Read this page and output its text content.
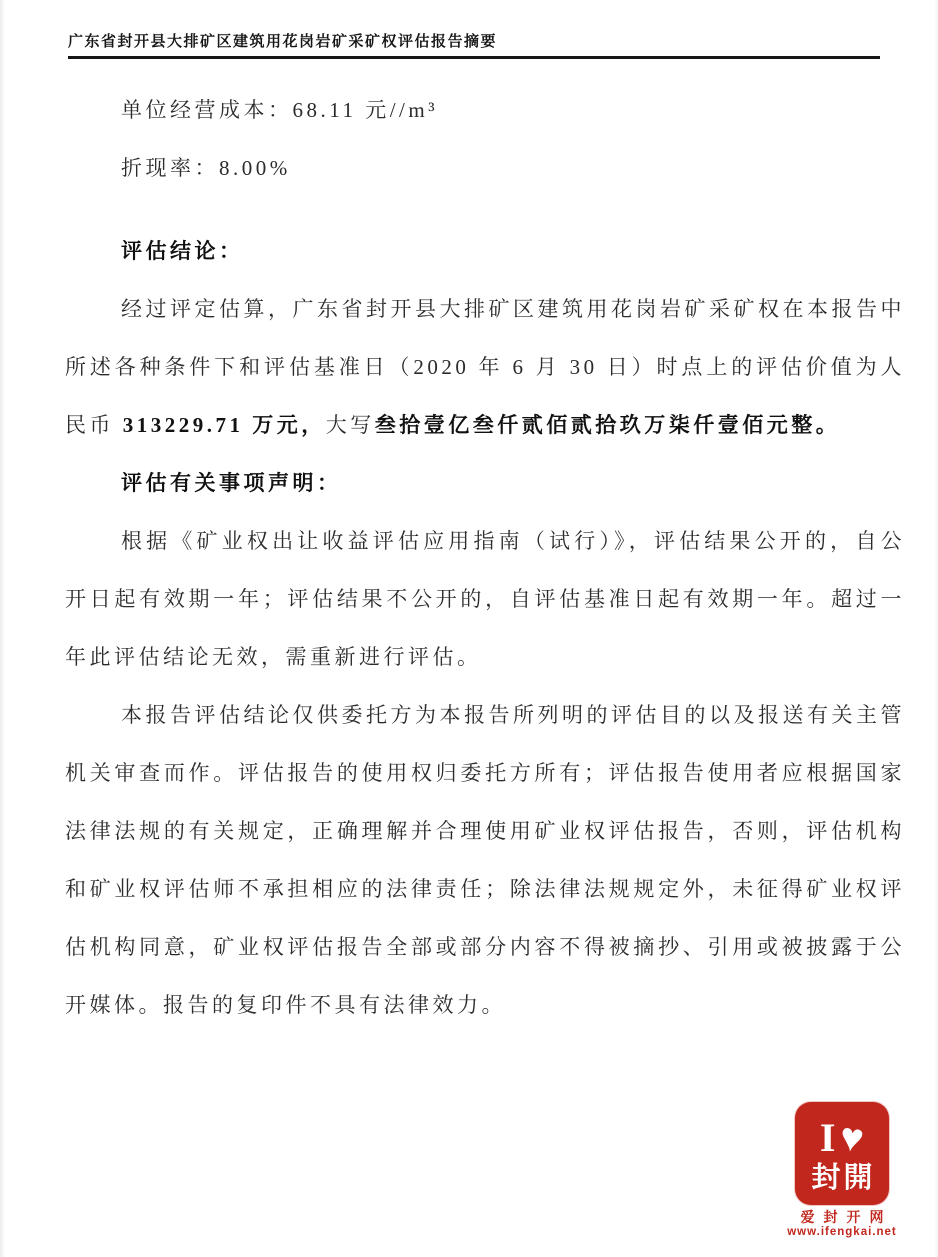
广东省封开县大排矿区建筑用花岗岩矿采矿权评估报告摘要

单位经营成本：68.11 元//m³

折现率：8.00%

评估结论：

经过评定估算，广东省封开县大排矿区建筑用花岗岩矿采矿权在本报告中所述各种条件下和评估基准日（2020 年 6 月 30 日）时点上的评估价值为人民币 313229.71 万元，大写叁拾壹亿叁仟贰佰贰拾玖万柒仟壹佰元整。

评估有关事项声明：

根据《矿业权出让收益评估应用指南（试行）》，评估结果公开的，自公开日起有效期一年；评估结果不公开的，自评估基准日起有效期一年。超过一年此评估结论无效，需重新进行评估。

本报告评估结论仅供委托方为本报告所列明的评估目的以及报送有关主管机关审查而作。评估报告的使用权归委托方所有；评估报告使用者应根据国家法律法规的有关规定，正确理解并合理使用矿业权评估报告，否则，评估机构和矿业权评估师不承担相应的法律责任；除法律法规规定外，未征得矿业权评估机构同意，矿业权评估报告全部或部分内容不得被摘抄、引用或被披露于公开媒体。报告的复印件不具有法律效力。

I ♥
封開
爱封开网
www.ifengkai.net
